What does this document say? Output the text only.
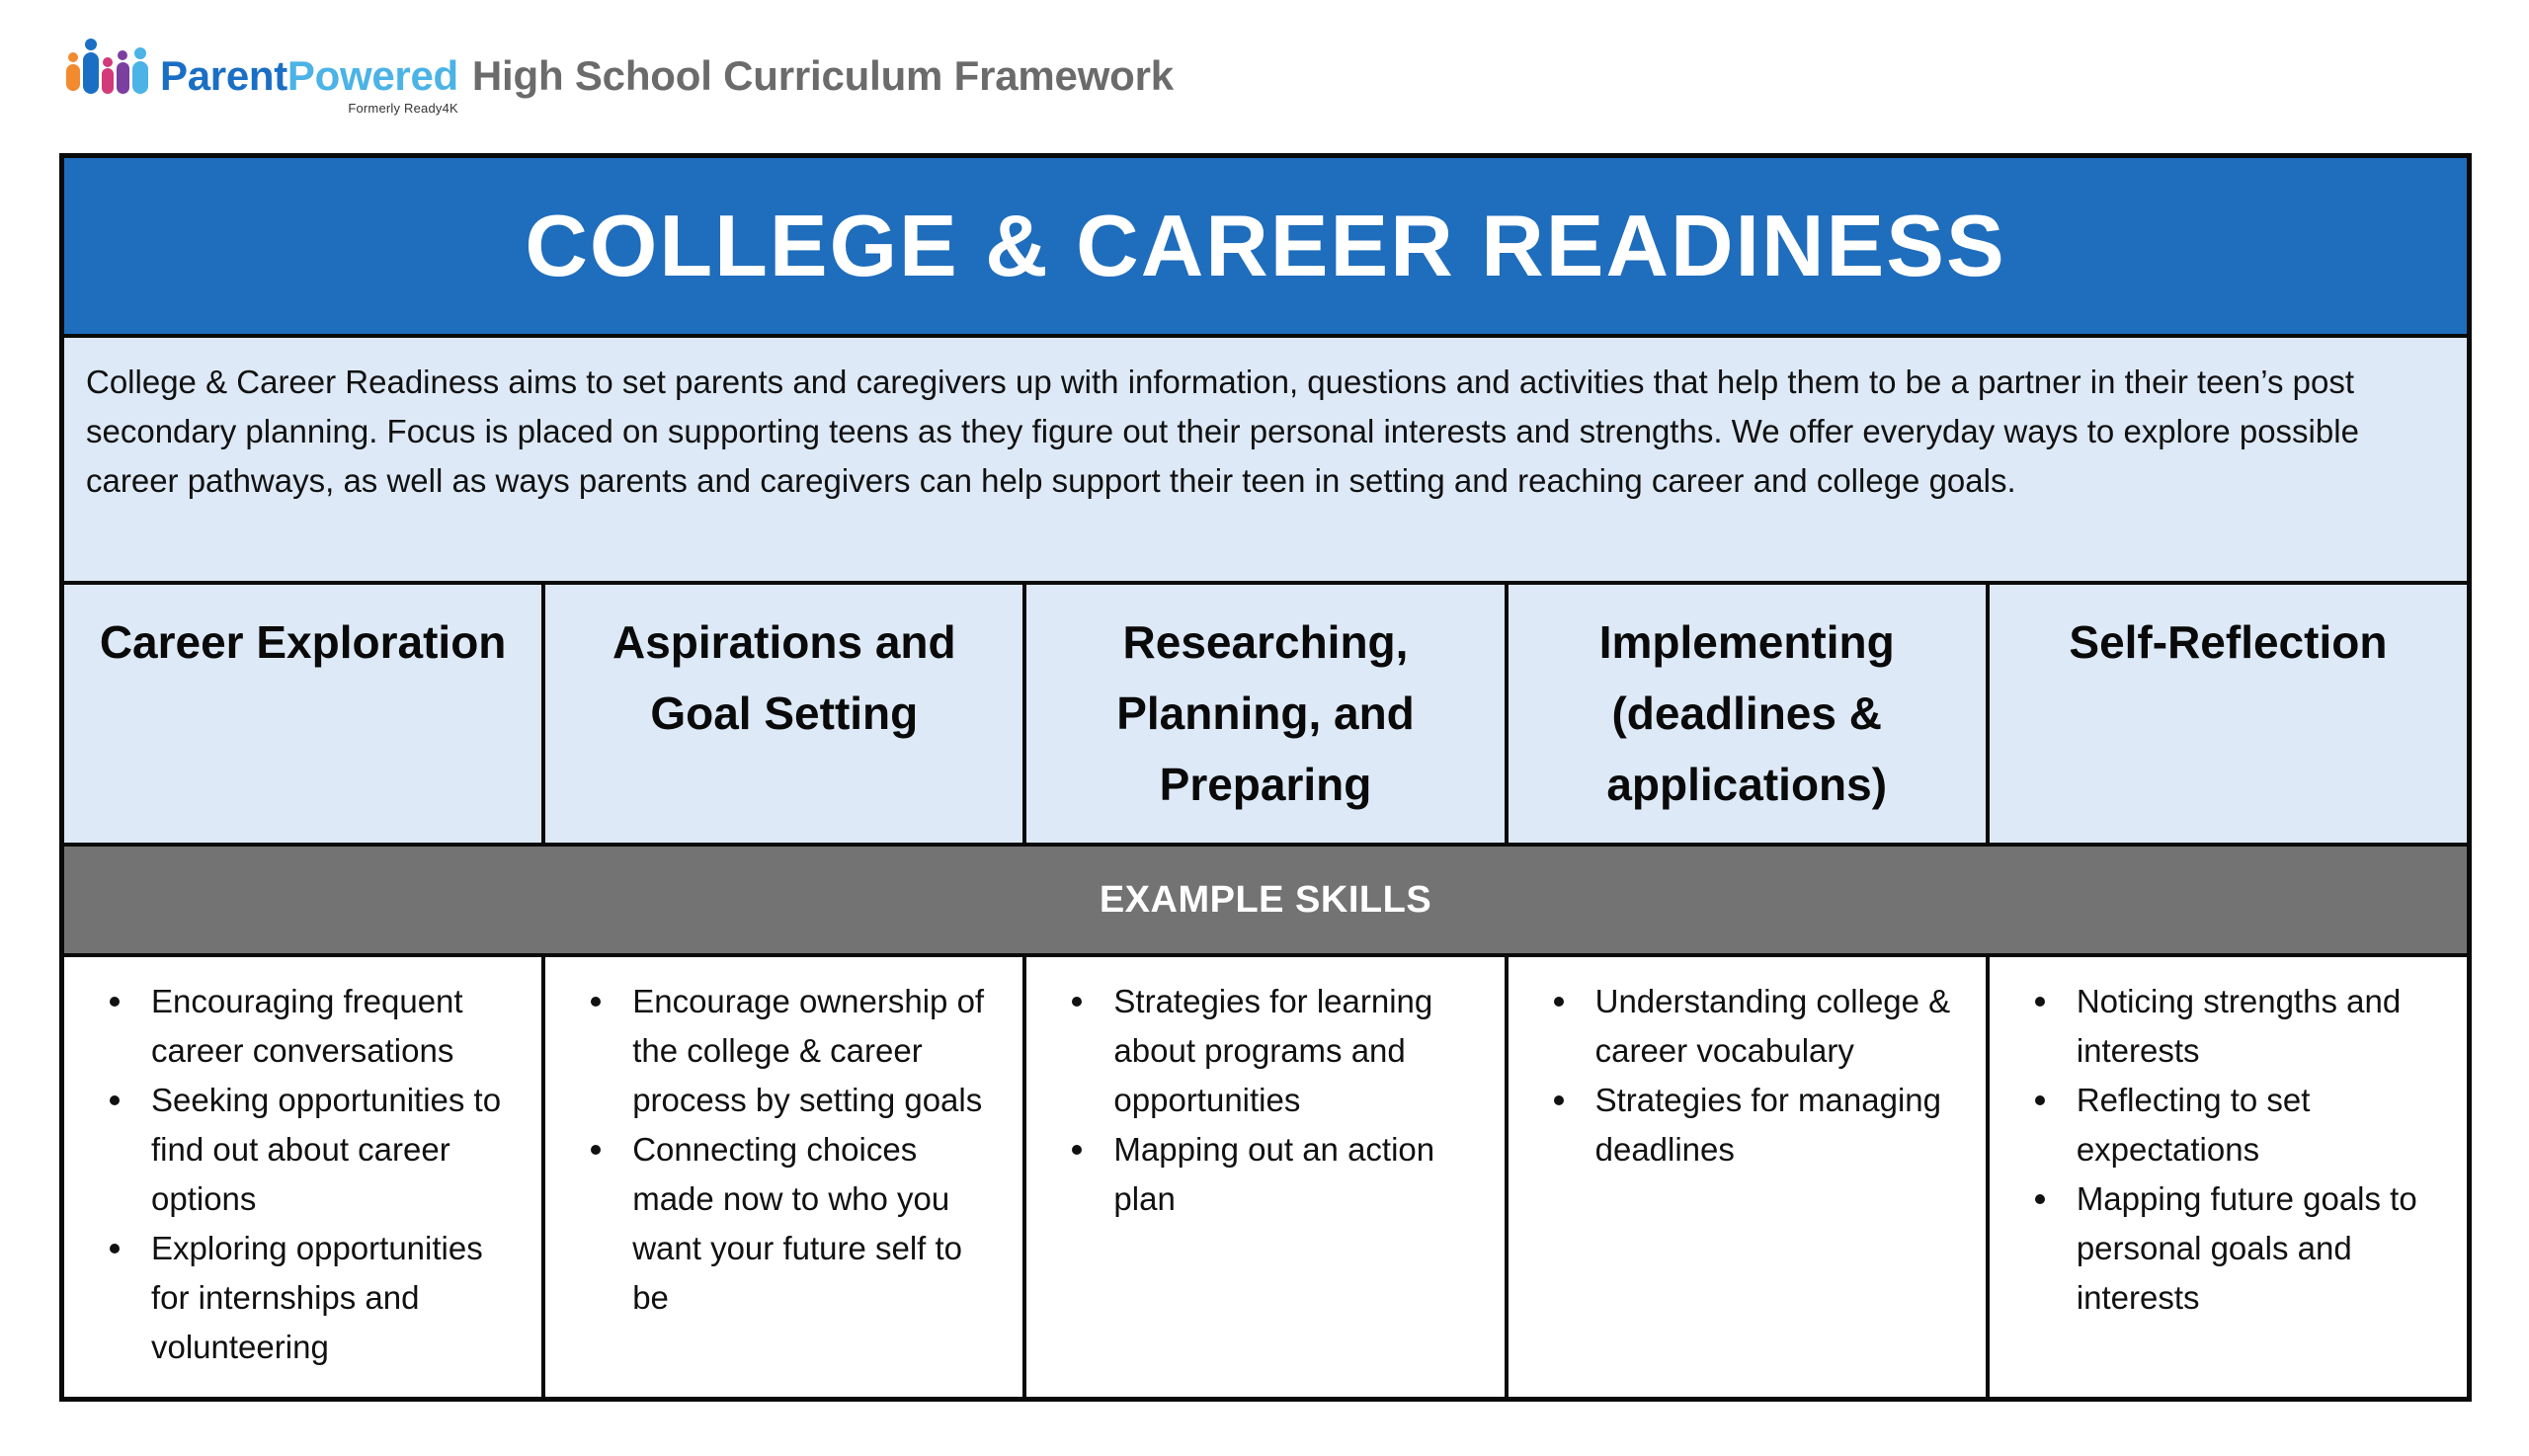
ParentPowered
Formerly Ready4K
High School Curriculum Framework
COLLEGE & CAREER READINESS
College & Career Readiness aims to set parents and caregivers up with information, questions and activities that help them to be a partner in their teen’s post secondary planning. Focus is placed on supporting teens as they figure out their personal interests and strengths. We offer everyday ways to explore possible career pathways, as well as ways parents and caregivers can help support their teen in setting and reaching career and college goals.
Career Exploration	Aspirations and Goal Setting
Researching, Planning, and Preparing
Implementing (deadlines & applications)
Self-Reflection
EXAMPLE SKILLS
Encouraging frequent career conversations
Seeking opportunities to find out about career options
Exploring opportunities for internships and volunteering
Encourage ownership of the college & career process by setting goals
Connecting choices made now to who you want your future self to be
Strategies for learning about programs and opportunities
Mapping out an action plan
Understanding college & career vocabulary
Strategies for managing deadlines
Noticing strengths and interests
Reflecting to set expectations
Mapping future goals to personal goals and interests
